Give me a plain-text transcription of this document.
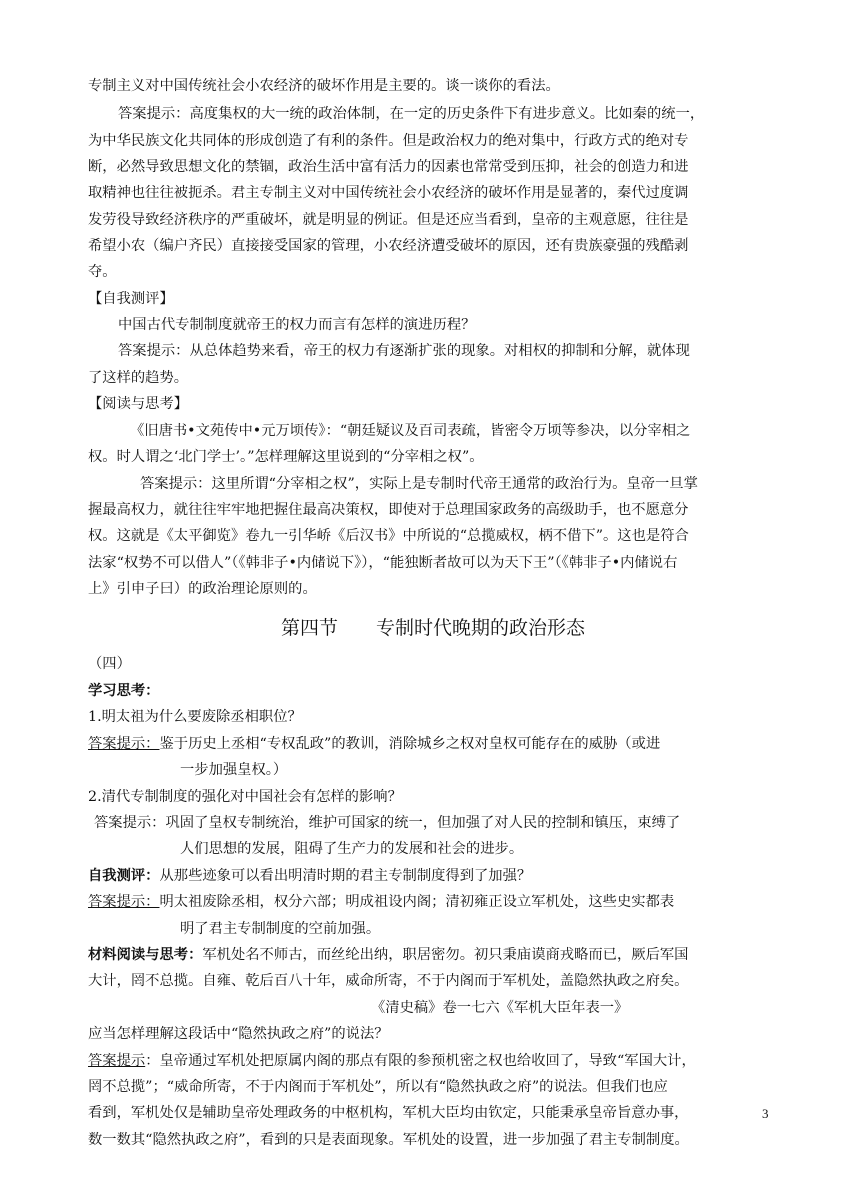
专制主义对中国传统社会小农经济的破坏作用是主要的。谈一谈你的看法。
答案提示：高度集权的大一统的政治体制，在一定的历史条件下有进步意义。比如秦的统一，
为中华民族文化共同体的形成创造了有利的条件。但是政治权力的绝对集中，行政方式的绝对专
断，必然导致思想文化的禁锢，政治生活中富有活力的因素也常常受到压抑，社会的创造力和进
取精神也往往被扼杀。君主专制主义对中国传统社会小农经济的破坏作用是显著的，秦代过度调
发劳役导致经济秩序的严重破坏，就是明显的例证。但是还应当看到，皇帝的主观意愿，往往是
希望小农（编户齐民）直接接受国家的管理，小农经济遭受破坏的原因，还有贵族豪强的残酷剥
夺。
【自我测评】
中国古代专制制度就帝王的权力而言有怎样的演进历程？
答案提示：从总体趋势来看，帝王的权力有逐渐扩张的现象。对相权的抑制和分解，就体现
了这样的趋势。
【阅读与思考】
《旧唐书•文苑传中•元万顷传》：“朝廷疑议及百司表疏，皆密令万顷等参决，以分宰相之
权。时人谓之‘北门学士’。”怎样理解这里说到的“分宰相之权”。
答案提示：这里所谓“分宰相之权”，实际上是专制时代帝王通常的政治行为。皇帝一旦掌
握最高权力，就往往牢牢地把握住最高决策权，即使对于总理国家政务的高级助手，也不愿意分
权。这就是《太平御览》卷九一引华峤《后汉书》中所说的“总揽威权，柄不借下”。这也是符合
法家“权势不可以借人”（《韩非子•内储说下》），“能独断者故可以为天下王”（《韩非子•内储说右
上》引申子曰）的政治理论原则的。
第四节　　专制时代晚期的政治形态
（四）
学习思考：
1.明太祖为什么要废除丞相职位？
答案提示：鉴于历史上丞相“专权乱政”的教训，消除城乡之权对皇权可能存在的威胁（或进
一步加强皇权。）
2.清代专制制度的强化对中国社会有怎样的影响？
答案提示：巩固了皇权专制统治，维护可国家的统一，但加强了对人民的控制和镇压，束缚了
人们思想的发展，阻碍了生产力的发展和社会的进步。
自我测评：从那些迹象可以看出明清时期的君主专制制度得到了加强？
答案提示：明太祖废除丞相，权分六部；明成祖设内阁；清初雍正设立军机处，这些史实都表
明了君主专制制度的空前加强。
材料阅读与思考：军机处名不师古，而丝纶出纳，职居密勿。初只秉庙谟商戎略而已，厥后军国
大计，罔不总揽。自雍、乾后百八十年，威命所寄，不于内阁而于军机处，盖隐然执政之府矣。
《清史稿》卷一七六《军机大臣年表一》
应当怎样理解这段话中“隐然执政之府”的说法？
答案提示：皇帝通过军机处把原属内阁的那点有限的参预机密之权也给收回了，导致“军国大计，
罔不总揽”；“威命所寄，不于内阁而于军机处”，所以有“隐然执政之府”的说法。但我们也应
看到，军机处仅是辅助皇帝处理政务的中枢机构，军机大臣均由钦定，只能秉承皇帝旨意办事，
数一数其“隐然执政之府”，看到的只是表面现象。军机处的设置，进一步加强了君主专制制度。
3
